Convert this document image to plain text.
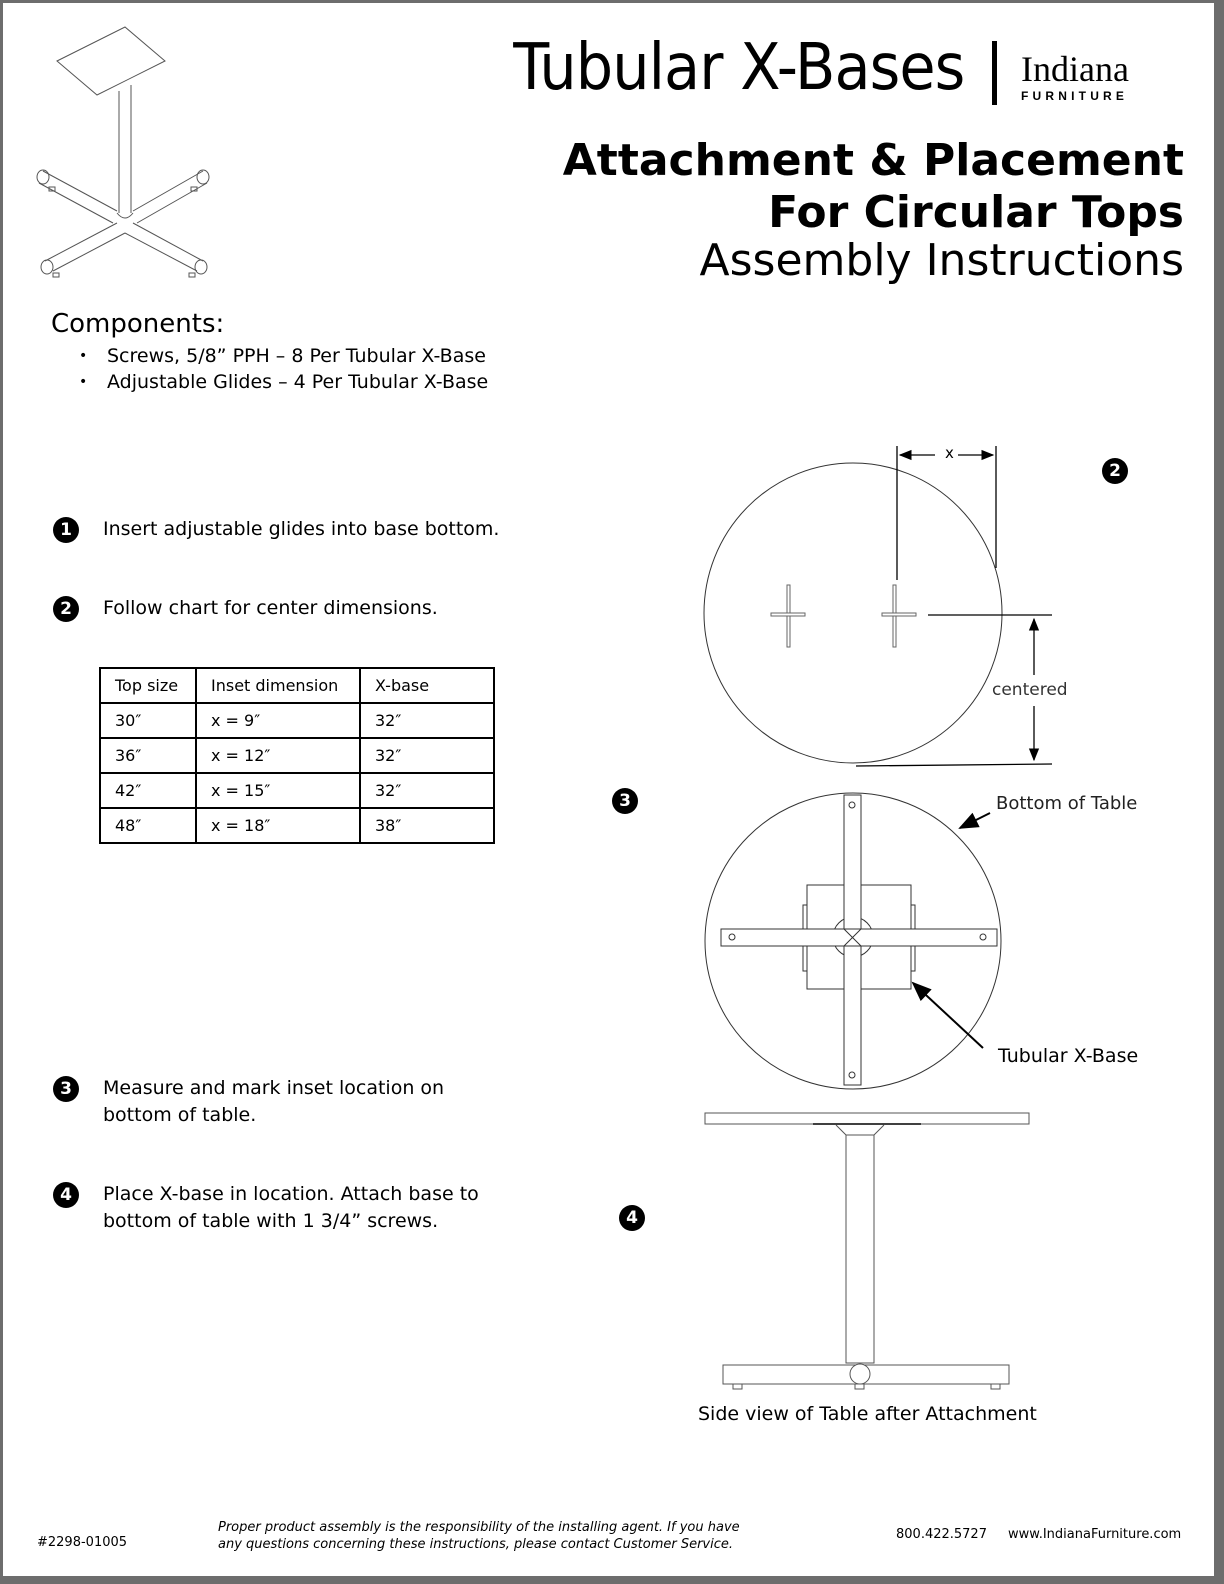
Tubular X-Bases Indiana
FURNITURE
Attachment & Placement
For Circular Tops
Assembly Instructions
Components:
• Screws, 5/8” PPH – 8 Per Tubular X-Base
• Adjustable Glides – 4 Per Tubular X-Base
1	Insert adjustable glides into base bottom.
2	Follow chart for center dimensions.
Top size	Inset dimension	X-base
30″	x = 9″	32″
36″	x = 12″	32″
42″	x = 15″	32″
48″	x = 18″	38″
3	Measure and mark inset location on bottom of table.
4	Place X-base in location. Attach base to bottom of table with 1 3/4” screws.
2
x
centered
3	Bottom of Table
Tubular X-Base
4
Side view of Table after Attachment
#2298-01005
Proper product assembly is the responsibility of the installing agent. If you have any questions concerning these instructions, please contact Customer Service.
800.422.5727 www.IndianaFurniture.com
